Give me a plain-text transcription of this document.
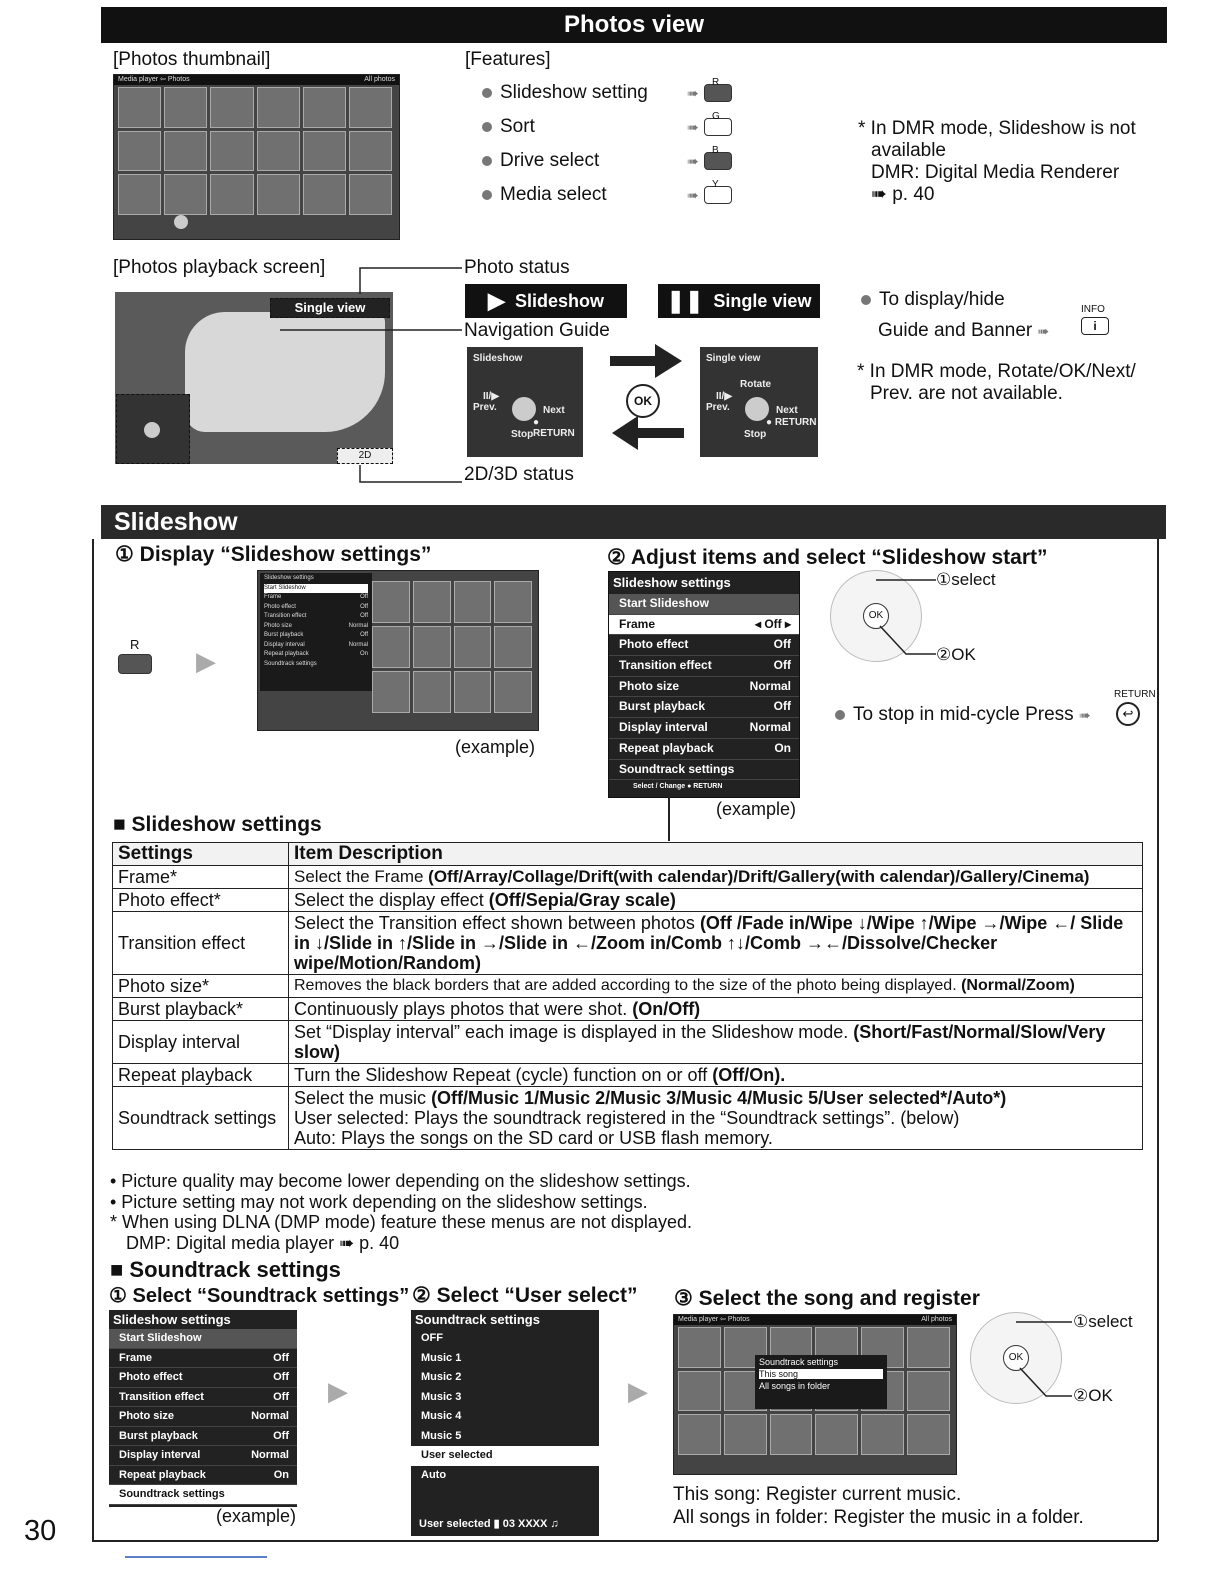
Photos view
[Photos thumbnail]
Media player ⇦ Photos	All photos
[Features]
Slideshow setting	➠
R
Sort	➠
G
Drive select	➠
B
Media select	➠
Y
* In DMR mode, Slideshow is not
available
DMR: Digital Media Renderer
➠ p. 40
[Photos playback screen]
Single view
2D
Photo status
▶ Slideshow	❚❚ Single view
Navigation Guide
Slideshow
II/▶
Prev.	Next
● RETURN
Stop
OK
Single view
Rotate
II/▶
Prev.	Next
● RETURN
Stop
2D/3D status
To display/hide
Guide and Banner ➠
INFO
i
* In DMR mode, Rotate/OK/Next/
Prev. are not available.
Slideshow
① Display “Slideshow settings”	② Adjust items and select “Slideshow start”
R
▶
Slideshow settings
Start Slideshow
Frame	Off
Photo effect	Off
Transition effect	Off
Photo size	Normal
Burst playback	Off
Display interval	Normal
Repeat playback	On
Soundtrack settings
(example)
Slideshow settings
Start Slideshow
Frame	◂ Off ▸
Photo effect	Off
Transition effect	Off
Photo size	Normal
Burst playback	Off
Display interval	Normal
Repeat playback	On
Soundtrack settings
Select / Change ● RETURN
(example)
OK
①select
②OK
RETURN
To stop in mid-cycle Press ➠	↩
■ Slideshow settings
Settings	Item Description
Frame*	Select the Frame (Off/Array/Collage/Drift(with calendar)/Drift/Gallery(with calendar)/Gallery/Cinema)
Photo effect*	Select the display effect (Off/Sepia/Gray scale)
Transition effect	Select the Transition effect shown between photos (Off /Fade in/Wipe ↓/Wipe ↑/Wipe →/Wipe ←/ Slide in ↓/Slide in ↑/Slide in →/Slide in ←/Zoom in/Comb ↑↓/Comb →←/Dissolve/Checker wipe/Motion/Random)
Photo size*	Removes the black borders that are added according to the size of the photo being displayed. (Normal/Zoom)
Burst playback*	Continuously plays photos that were shot. (On/Off)
Display interval	Set “Display interval” each image is displayed in the Slideshow mode. (Short/Fast/Normal/Slow/Very slow)
Repeat playback	Turn the Slideshow Repeat (cycle) function on or off (Off/On).
Soundtrack settings	Select the music (Off/Music 1/Music 2/Music 3/Music 4/Music 5/User selected*/Auto*)
User selected: Plays the soundtrack registered in the “Soundtrack settings”. (below)
Auto: Plays the songs on the SD card or USB flash memory.
• Picture quality may become lower depending on the slideshow settings.
• Picture setting may not work depending on the slideshow settings.
* When using DLNA (DMP mode) feature these menus are not displayed.
DMP: Digital media player ➠ p. 40
■ Soundtrack settings
① Select “Soundtrack settings” ② Select “User select” ③ Select the song and register
Slideshow settings
Start Slideshow
Frame	Off
Photo effect	Off
Transition effect	Off
Photo size	Normal
Burst playback	Off
Display interval	Normal
Repeat playback	On
Soundtrack settings
(example)
▶
Soundtrack settings
OFF
Music 1
Music 2
Music 3
Music 4
Music 5
User selected
Auto
User selected ▮ 03 XXXX ♫
▶
Media player ⇦ Photos	All photos
Soundtrack settings
This song
All songs in folder
OK
①select
②OK
This song: Register current music.
All songs in folder: Register the music in a folder.
30
